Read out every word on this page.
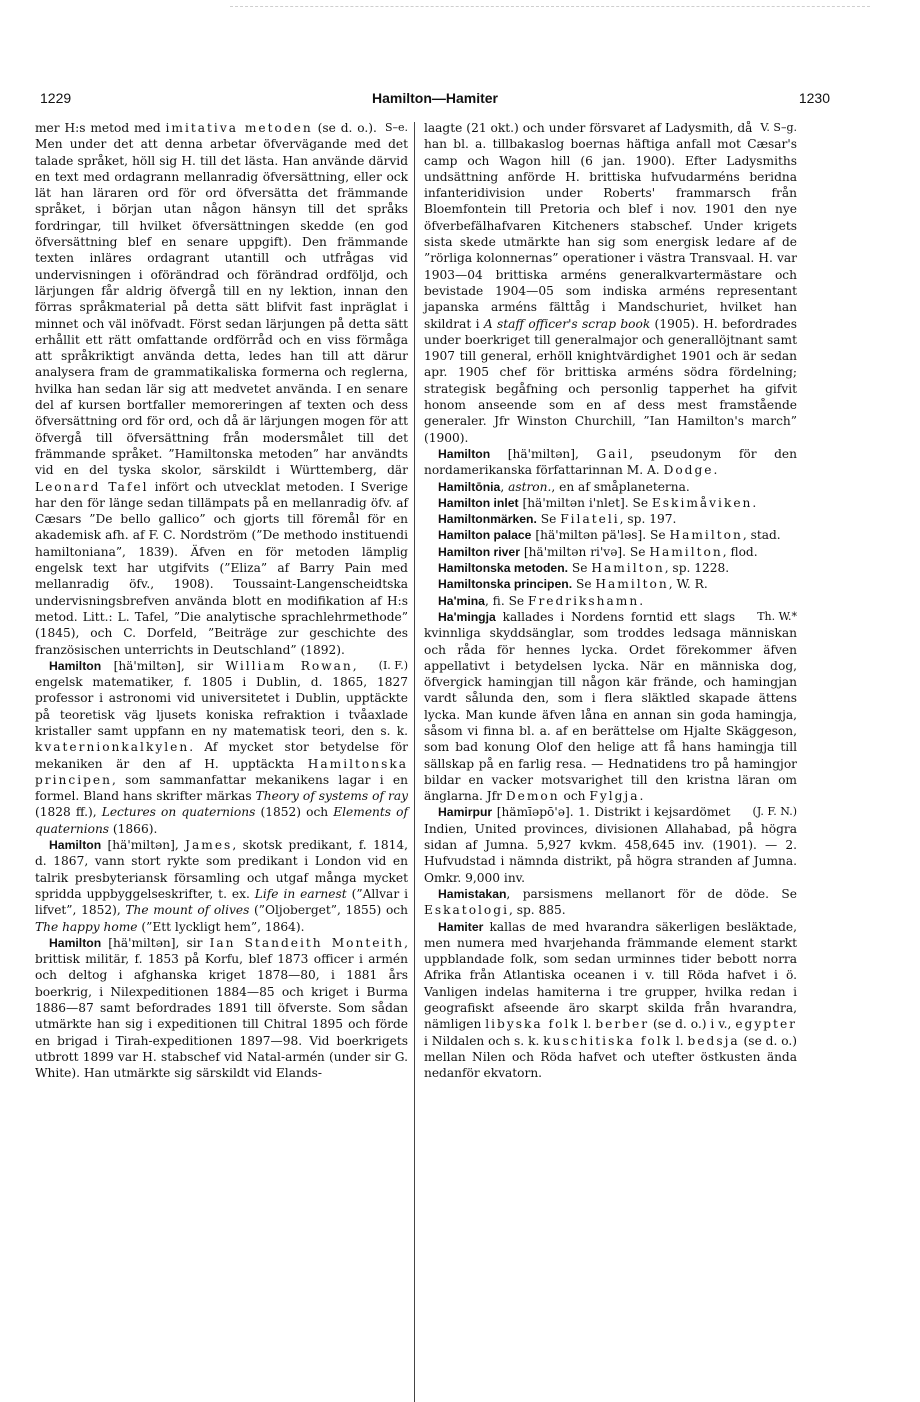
1229	Hamilton—Hamiter	1230

S–e.
mer H:s metod med imitativa metoden (se d. o.). Men under det att denna arbetar öfvervägande med det talade språket, höll sig H. till det lästa. Han använde därvid en text med ordagrann mellanradig öfversättning, eller ock lät han läraren ord för ord öfversätta det främmande språket, i början utan någon hänsyn till det språks fordringar, till hvilket öfversättningen skedde (en god öfversättning blef en senare uppgift). Den främmande texten inläres ordagrant utantill och utfrågas vid undervisningen i oförändrad och förändrad ordföljd, och lärjungen får aldrig öfvergå till en ny lektion, innan den förras språkmaterial på detta sätt blifvit fast inpräglat i minnet och väl inöfvadt. Först sedan lärjungen på detta sätt erhållit ett rätt omfattande ordförråd och en viss förmåga att språkriktigt använda detta, ledes han till att därur analysera fram de grammatikaliska formerna och reglerna, hvilka han sedan lär sig att medvetet använda. I en senare del af kursen bortfaller memoreringen af texten och dess öfversättning ord för ord, och då är lärjungen mogen för att öfvergå till öfversättning från modersmålet till det främmande språket. ”Hamiltonska metoden” har användts vid en del tyska skolor, särskildt i Württemberg, där Leonard Tafel infört och utvecklat metoden. I Sverige har den för länge sedan tillämpats på en mellanradig öfv. af Cæsars ”De bello gallico” och gjorts till föremål för en akademisk afh. af F. C. Nordström (”De methodo instituendi hamiltoniana”, 1839). Äfven en för metoden lämplig engelsk text har utgifvits (”Eliza” af Barry Pain med mellanradig öfv., 1908). Toussaint-Langenscheidtska undervisningsbrefven använda blott en modifikation af H:s metod. Litt.: L. Tafel, ”Die analytische sprachlehrmethode” (1845), och C. Dorfeld, ”Beiträge zur geschichte des französischen unterrichts in Deutschland” (1892).

(I. F.)
Hamilton [hä'miltən], sir William Rowan, engelsk matematiker, f. 1805 i Dublin, d. 1865, 1827 professor i astronomi vid universitetet i Dublin, upptäckte på teoretisk väg ljusets koniska refraktion i tvåaxlade kristaller samt uppfann en ny matematisk teori, den s. k. kvaternionkalkylen. Af mycket stor betydelse för mekaniken är den af H. upptäckta Hamiltonska principen, som sammanfattar mekanikens lagar i en formel. Bland hans skrifter märkas Theory of systems of ray (1828 ff.), Lectures on quaternions (1852) och Elements of quaternions (1866).

Hamilton [hä'miltən], James, skotsk predikant, f. 1814, d. 1867, vann stort rykte som predikant i London vid en talrik presbyteriansk församling och utgaf många mycket spridda uppbyggelseskrifter, t. ex. Life in earnest (”Allvar i lifvet”, 1852), The mount of olives (”Oljoberget”, 1855) och The happy home (”Ett lyckligt hem”, 1864).

Hamilton [hä'miltən], sir Ian Standeith Monteith, brittisk militär, f. 1853 på Korfu, blef 1873 officer i armén och deltog i afghanska kriget 1878—80, i 1881 års boerkrig, i Nilexpeditionen 1884—85 och kriget i Burma 1886—87 samt befordrades 1891 till öfverste. Som sådan utmärkte han sig i expeditionen till Chitral 1895 och förde en brigad i Tirah-expeditionen 1897—98. Vid boerkrigets utbrott 1899 var H. stabschef vid Natal-armén (under sir G. White). Han utmärkte sig särskildt vid Elands-

V. S–g.
laagte (21 okt.) och under försvaret af Ladysmith, då han bl. a. tillbakaslog boernas häftiga anfall mot Cæsar's camp och Wagon hill (6 jan. 1900). Efter Ladysmiths undsättning anförde H. brittiska hufvudarméns beridna infanteridivision under Roberts' frammarsch från Bloemfontein till Pretoria och blef i nov. 1901 den nye öfverbefälhafvaren Kitcheners stabschef. Under krigets sista skede utmärkte han sig som energisk ledare af de ”rörliga kolonnernas” operationer i västra Transvaal. H. var 1903—04 brittiska arméns generalkvartermästare och bevistade 1904—05 som indiska arméns representant japanska arméns fälttåg i Mandschuriet, hvilket han skildrat i A staff officer's scrap book (1905). H. befordrades under boerkriget till generalmajor och generallöjtnant samt 1907 till general, erhöll knightvärdighet 1901 och är sedan apr. 1905 chef för brittiska arméns södra fördelning; strategisk begåfning och personlig tapperhet ha gifvit honom anseende som en af dess mest framstående generaler. Jfr Winston Churchill, ”Ian Hamilton's march” (1900).

Hamilton [hä'miltən], Gail, pseudonym för den nordamerikanska författarinnan M. A. Dodge.

Hamiltōnia, astron., en af småplaneterna.

Hamilton inlet [hä'miltən i'nlet]. Se Eskimåviken.

Hamiltonmärken. Se Filateli, sp. 197.

Hamilton palace [hä'miltən pä'ləs]. Se Hamilton, stad.

Hamilton river [hä'miltən ri'və]. Se Hamilton, flod.

Hamiltonska metoden. Se Hamilton, sp. 1228.

Hamiltonska principen. Se Hamilton, W. R.

Ha'mina, fi. Se Fredrikshamn.

Th. W.*
Ha'mingja kallades i Nordens forntid ett slags kvinnliga skyddsänglar, som troddes ledsaga människan och råda för hennes lycka. Ordet förekommer äfven appellativt i betydelsen lycka. När en människa dog, öfvergick hamingjan till någon kär frände, och hamingjan vardt sålunda den, som i flera släktled skapade ättens lycka. Man kunde äfven låna en annan sin goda hamingja, såsom vi finna bl. a. af en berättelse om Hjalte Skäggeson, som bad konung Olof den helige att få hans hamingja till sällskap på en farlig resa. — Hednatidens tro på hamingjor bildar en vacker motsvarighet till den kristna läran om änglarna. Jfr Demon och Fylgja.

(J. F. N.)
Hamirpur [hämīəpō'ə]. 1. Distrikt i kejsardömet Indien, United provinces, divisionen Allahabad, på högra sidan af Jumna. 5,927 kvkm. 458,645 inv. (1901). — 2. Hufvudstad i nämnda distrikt, på högra stranden af Jumna. Omkr. 9,000 inv.

Hamistakan, parsismens mellanort för de döde. Se Eskatologi, sp. 885.

Hamiter kallas de med hvarandra säkerligen besläktade, men numera med hvarjehanda främmande element starkt uppblandade folk, som sedan urminnes tider bebott norra Afrika från Atlantiska oceanen i v. till Röda hafvet i ö. Vanligen indelas hamiterna i tre grupper, hvilka redan i geografiskt afseende äro skarpt skilda från hvarandra, nämligen libyska folk l. berber (se d. o.) i v., egypter i Nildalen och s. k. kuschitiska folk l. bedsja (se d. o.) mellan Nilen och Röda hafvet och utefter östkusten ända nedanför ekvatorn.
